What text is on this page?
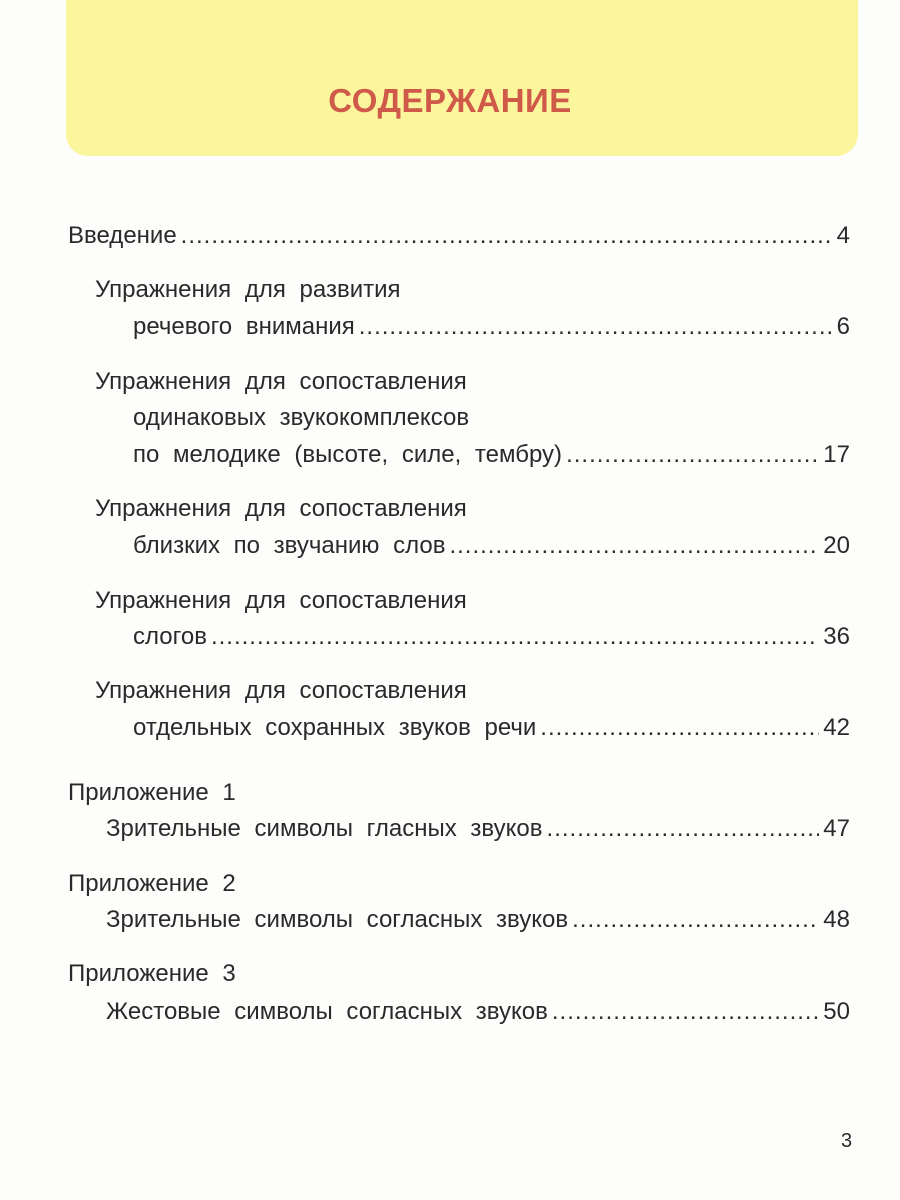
СОДЕРЖАНИЕ
Введение .....	4
Упражнения для развития
речевого внимания .....	6
Упражнения для сопоставления
одинаковых звукокомплексов
по мелодике (высоте, силе, тембру) .....	17
Упражнения для сопоставления
близких по звучанию слов .....	20
Упражнения для сопоставления
слогов .....	36
Упражнения для сопоставления
отдельных сохранных звуков речи .....	42
Приложение 1
Зрительные символы гласных звуков .....	47
Приложение 2
Зрительные символы согласных звуков .....	48
Приложение 3
Жестовые символы согласных звуков .....	50
3
